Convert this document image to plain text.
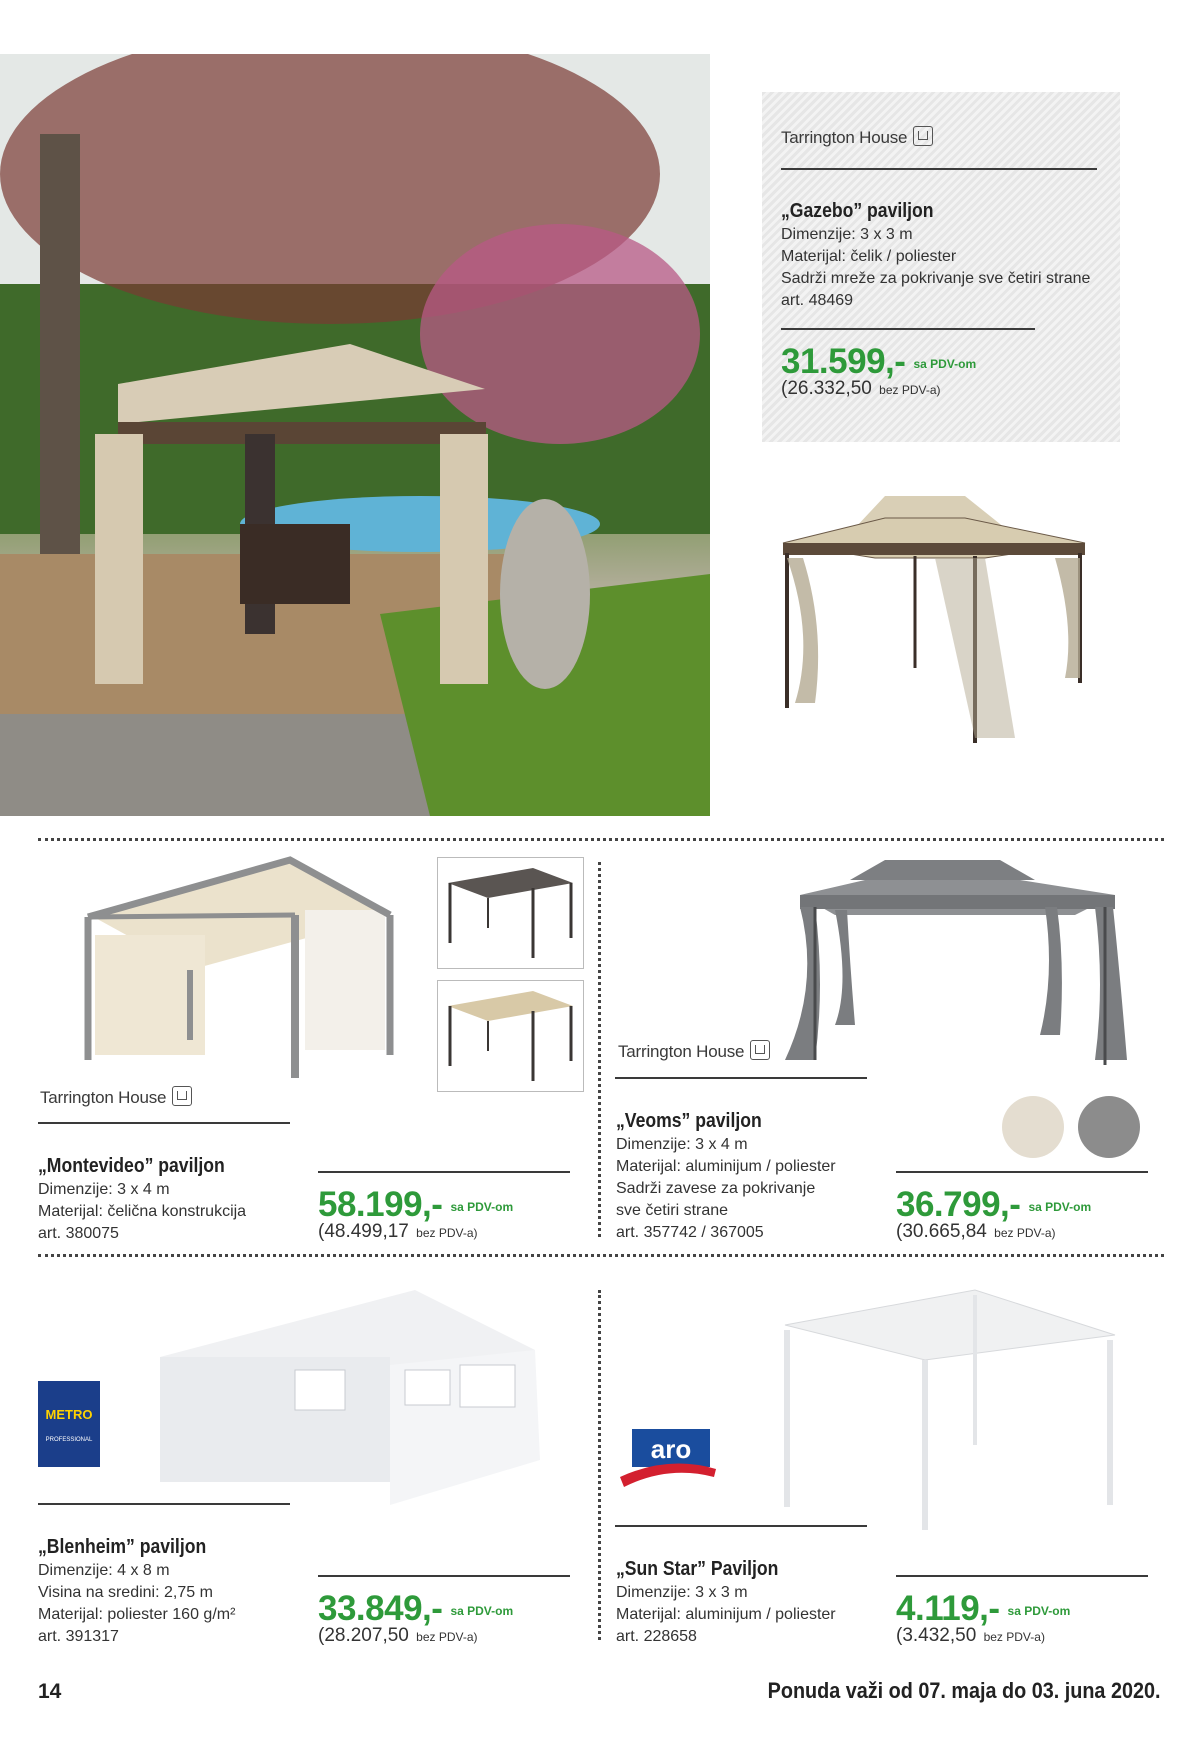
Tarrington House
„Gazebo” paviljon
Dimenzije: 3 x 3 m
Materijal: čelik / poliester
Sadrži mreže za pokrivanje sve četiri strane
art. 48469
31.599,- sa PDV-om
(26.332,50 bez PDV-a)
Tarrington House
„Montevideo” paviljon
Dimenzije: 3 x 4 m
Materijal: čelična konstrukcija
art. 380075
58.199,- sa PDV-om
(48.499,17 bez PDV-a)
Tarrington House
„Veoms” paviljon
Dimenzije: 3 x 4 m
Materijal: aluminijum / poliester
Sadrži zavese za pokrivanje
sve četiri strane
art. 357742 / 367005
36.799,- sa PDV-om
(30.665,84 bez PDV-a)
METRO
PROFESSIONAL
„Blenheim” paviljon
Dimenzije: 4 x 8 m
Visina na sredini: 2,75 m
Materijal: poliester 160 g/m²
art. 391317
33.849,- sa PDV-om
(28.207,50 bez PDV-a)
aro
„Sun Star” Paviljon
Dimenzije: 3 x 3 m
Materijal: aluminijum / poliester
art. 228658
4.119,- sa PDV-om
(3.432,50 bez PDV-a)
14	Ponuda važi od 07. maja do 03. juna 2020.
